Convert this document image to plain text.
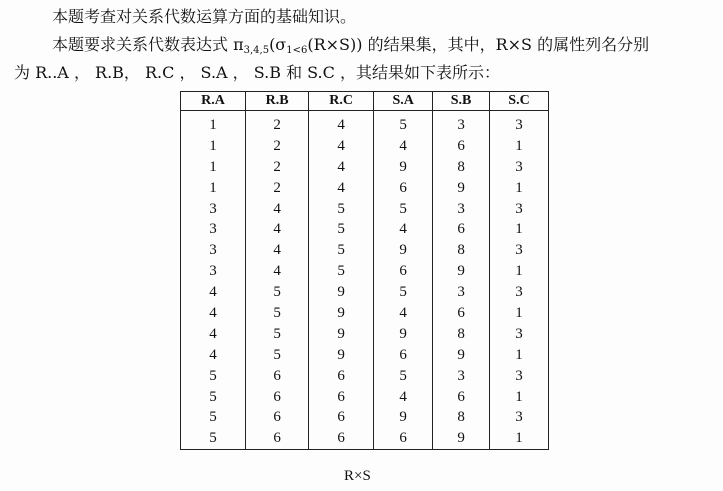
本题考查对关系代数运算方面的基础知识。
本题要求关系代数表达式 $\pi_{3,4,5}(\sigma_{1<6}(R\times S))$ 的结果集，其中，R×S 的属性列名分别
为 R..A ， R.B， R.C ， S.A ， S.B 和 S.C ，其结果如下表所示：
R.A	R.B	R.C	S.A	S.B	S.C
1	2	4	5	3	3
1	2	4	4	6	1
1	2	4	9	8	3
1	2	4	6	9	1
3	4	5	5	3	3
3	4	5	4	6	1
3	4	5	9	8	3
3	4	5	6	9	1
4	5	9	5	3	3
4	5	9	4	6	1
4	5	9	9	8	3
4	5	9	6	9	1
5	6	6	5	3	3
5	6	6	4	6	1
5	6	6	9	8	3
5	6	6	6	9	1
R×S
